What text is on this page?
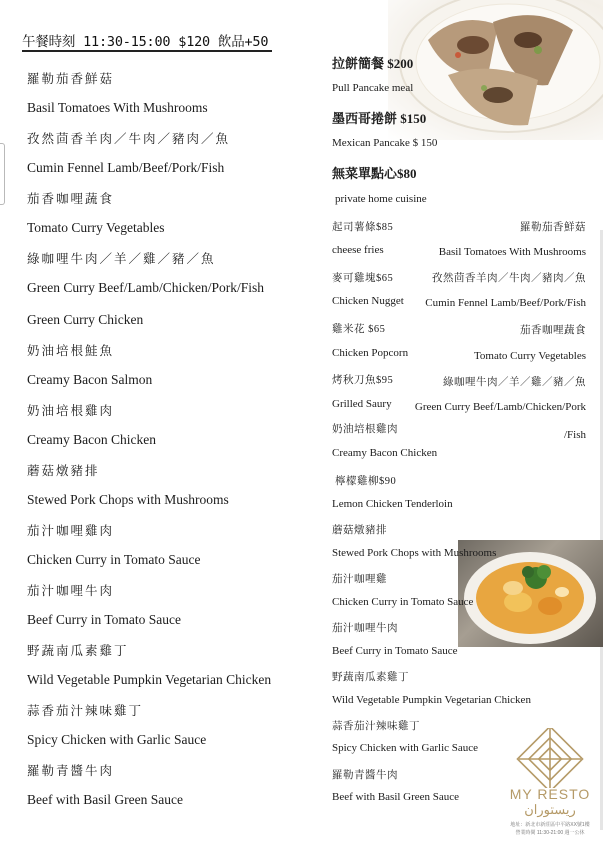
午餐時刻 11:30-15:00 $120 飲品+50
羅勒茄香鮮菇
Basil Tomatoes With Mushrooms
孜然茴香羊肉／牛肉／豬肉／魚
Cumin Fennel Lamb/Beef/Pork/Fish
茄香咖哩蔬食
Tomato Curry Vegetables
綠咖哩牛肉／羊／雞／豬／魚
Green Curry Beef/Lamb/Chicken/Pork/Fish
Green Curry Chicken
奶油培根鮭魚
Creamy Bacon Salmon
奶油培根雞肉
Creamy Bacon Chicken
蘑菇燉豬排
Stewed Pork Chops with Mushrooms
茄汁咖哩雞肉
Chicken Curry in Tomato Sauce
茄汁咖哩牛肉
Beef Curry in Tomato Sauce
野蔬南瓜素雞丁
Wild Vegetable Pumpkin Vegetarian Chicken
蒜香茄汁辣味雞丁
Spicy Chicken with Garlic Sauce
羅勒青醬牛肉
Beef with Basil Green Sauce
拉餅簡餐 $200
Pull Pancake meal
墨西哥捲餅 $150
Mexican Pancake $ 150
無菜單點心$80
private home cuisine
起司薯條$85
cheese fries
麥可雞塊$65
Chicken Nugget
雞米花 $65
Chicken Popcorn
烤秋刀魚$95
Grilled Saury
羅勒茄香鮮菇
Basil Tomatoes With Mushrooms
孜然茴香羊肉／牛肉／豬肉／魚
Cumin Fennel Lamb/Beef/Pork/Fish
茄香咖哩蔬食
Tomato Curry Vegetables
綠咖哩牛肉／羊／雞／豬／魚
Green Curry Beef/Lamb/Chicken/Pork
/Fish
奶油培根雞肉
Creamy Bacon Chicken
檸檬雞柳$90
Lemon Chicken Tenderloin
蘑菇燉豬排
Stewed Pork Chops with Mushrooms
茄汁咖哩雞
Chicken Curry in Tomato Sauce
茄汁咖哩牛肉
Beef Curry in Tomato Sauce
野蔬南瓜素雞丁
Wild Vegetable Pumpkin Vegetarian Chicken
蒜香茄汁辣味雞丁
Spicy Chicken with Garlic Sauce
羅勒青醬牛肉
Beef with Basil Green Sauce	MY RESTO
ريستوران
地址：新北市新莊區中平路XX號1樓
營業時間 11:30-21:00 週一公休
